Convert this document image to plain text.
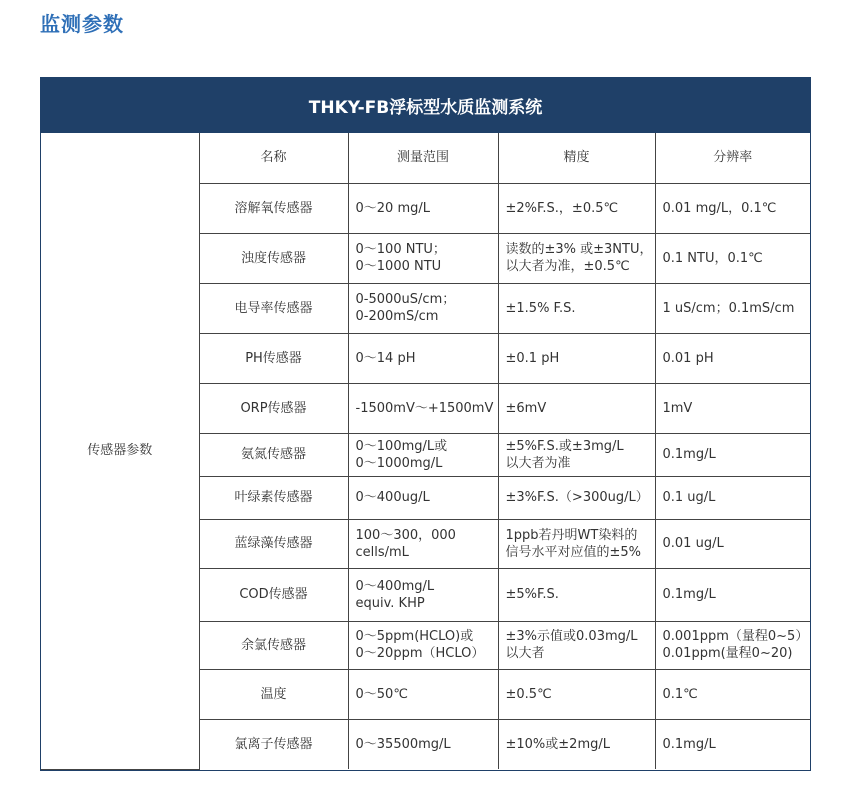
监测参数
THKY-FB浮标型水质监测系统
传感器参数	名称	测量范围	精度	分辨率
	溶解氧传感器	0～20 mg/L	±2%F.S.，±0.5℃	0.01 mg/L，0.1℃

	浊度传感器	0～100 NTU；
0～1000 NTU	读数的±3% 或±3NTU，
以大者为准，±0.5℃	0.1 NTU，0.1℃

	电导率传感器	0-5000uS/cm；
0-200mS/cm	±1.5% F.S.	1 uS/cm；0.1mS/cm

	PH传感器	0～14 pH	±0.1 pH	0.01 pH

	ORP传感器	-1500mV～+1500mV	±6mV	1mV

	氨氮传感器	0～100mg/L或
0～1000mg/L	±5%F.S.或±3mg/L
以大者为准	0.1mg/L

	叶绿素传感器	0～400ug/L	±3%F.S.（>300ug/L）	0.1 ug/L

	蓝绿藻传感器	100～300，000
cells/mL	1ppb若丹明WT染料的
信号水平对应值的±5%	0.01 ug/L

	COD传感器	0～400mg/L
equiv. KHP	±5%F.S.	0.1mg/L

	余氯传感器	0～5ppm(HCLO)或
0～20ppm（HCLO）	±3%示值或0.03mg/L
以大者	0.001ppm（量程0~5）
0.01ppm(量程0~20)

	温度	0～50℃	±0.5℃	0.1℃

	氯离子传感器	0～35500mg/L	±10%或±2mg/L	0.1mg/L
